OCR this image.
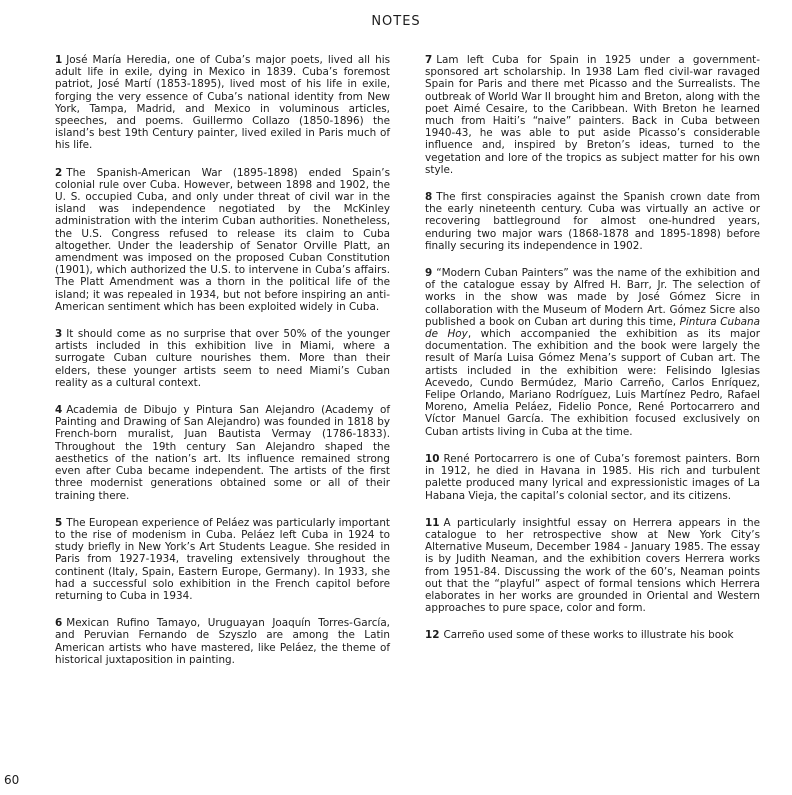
NOTES

1 José María Heredia, one of Cuba’s major poets, lived all his adult life in exile, dying in Mexico in 1839. Cuba’s foremost patriot, José Martí (1853-1895), lived most of his life in exile, forging the very essence of Cuba’s national identity from New York, Tampa, Madrid, and Mexico in voluminous articles, speeches, and poems. Guillermo Collazo (1850-1896) the island’s best 19th Century painter, lived exiled in Paris much of his life.

2 The Spanish-American War (1895-1898) ended Spain’s colonial rule over Cuba. However, between 1898 and 1902, the U. S. occupied Cuba, and only under threat of civil war in the island was independence negotiated by the McKinley administration with the interim Cuban authorities. Nonetheless, the U.S. Congress refused to release its claim to Cuba altogether. Under the leadership of Senator Orville Platt, an amendment was imposed on the proposed Cuban Constitution (1901), which authorized the U.S. to intervene in Cuba’s affairs. The Platt Amendment was a thorn in the political life of the island; it was repealed in 1934, but not before inspiring an anti-American sentiment which has been exploited widely in Cuba.

3 It should come as no surprise that over 50% of the younger artists included in this exhibition live in Miami, where a surrogate Cuban culture nourishes them. More than their elders, these younger artists seem to need Miami’s Cuban reality as a cultural context.

4 Academia de Dibujo y Pintura San Alejandro (Academy of Painting and Drawing of San Alejandro) was founded in 1818 by French-born muralist, Juan Bautista Vermay (1786-1833). Throughout the 19th century San Alejandro shaped the aesthetics of the nation’s art. Its influence remained strong even after Cuba became independent. The artists of the first three modernist generations obtained some or all of their training there.

5 The European experience of Peláez was particularly important to the rise of modenism in Cuba. Peláez left Cuba in 1924 to study briefly in New York’s Art Students League. She resided in Paris from 1927-1934, traveling extensively throughout the continent (Italy, Spain, Eastern Europe, Germany). In 1933, she had a successful solo exhibition in the French capitol before returning to Cuba in 1934.

6 Mexican Rufino Tamayo, Uruguayan Joaquín Torres-García, and Peruvian Fernando de Szyszlo are among the Latin American artists who have mastered, like Peláez, the theme of historical juxtaposition in painting.

7 Lam left Cuba for Spain in 1925 under a government-sponsored art scholarship. In 1938 Lam fled civil-war ravaged Spain for Paris and there met Picasso and the Surrealists. The outbreak of World War II brought him and Breton, along with the poet Aimé Cesaire, to the Caribbean. With Breton he learned much from Haiti’s “naive” painters. Back in Cuba between 1940-43, he was able to put aside Picasso’s considerable influence and, inspired by Breton’s ideas, turned to the vegetation and lore of the tropics as subject matter for his own style.

8 The first conspiracies against the Spanish crown date from the early nineteenth century. Cuba was virtually an active or recovering battleground for almost one-hundred years, enduring two major wars (1868-1878 and 1895-1898) before finally securing its independence in 1902.

9 “Modern Cuban Painters” was the name of the exhibition and of the catalogue essay by Alfred H. Barr, Jr. The selection of works in the show was made by José Gómez Sicre in collaboration with the Museum of Modern Art. Gómez Sicre also published a book on Cuban art during this time, Pintura Cubana de Hoy, which accompanied the exhibition as its major documentation. The exhibition and the book were largely the result of María Luisa Gómez Mena’s support of Cuban art. The artists included in the exhibition were: Felisindo Iglesias Acevedo, Cundo Bermúdez, Mario Carreño, Carlos Enríquez, Felipe Orlando, Mariano Rodríguez, Luis Martínez Pedro, Rafael Moreno, Amelia Peláez, Fidelio Ponce, René Portocarrero and Víctor Manuel García. The exhibition focused exclusively on Cuban artists living in Cuba at the time.

10 René Portocarrero is one of Cuba’s foremost painters. Born in 1912, he died in Havana in 1985. His rich and turbulent palette produced many lyrical and expressionistic images of La Habana Vieja, the capital’s colonial sector, and its citizens.

11 A particularly insightful essay on Herrera appears in the catalogue to her retrospective show at New York City’s Alternative Museum, December 1984 - January 1985. The essay is by Judith Neaman, and the exhibition covers Herrera works from 1951-84. Discussing the work of the 60’s, Neaman points out that the “playful” aspect of formal tensions which Herrera elaborates in her works are grounded in Oriental and Western approaches to pure space, color and form.

12 Carreño used some of these works to illustrate his book

60
